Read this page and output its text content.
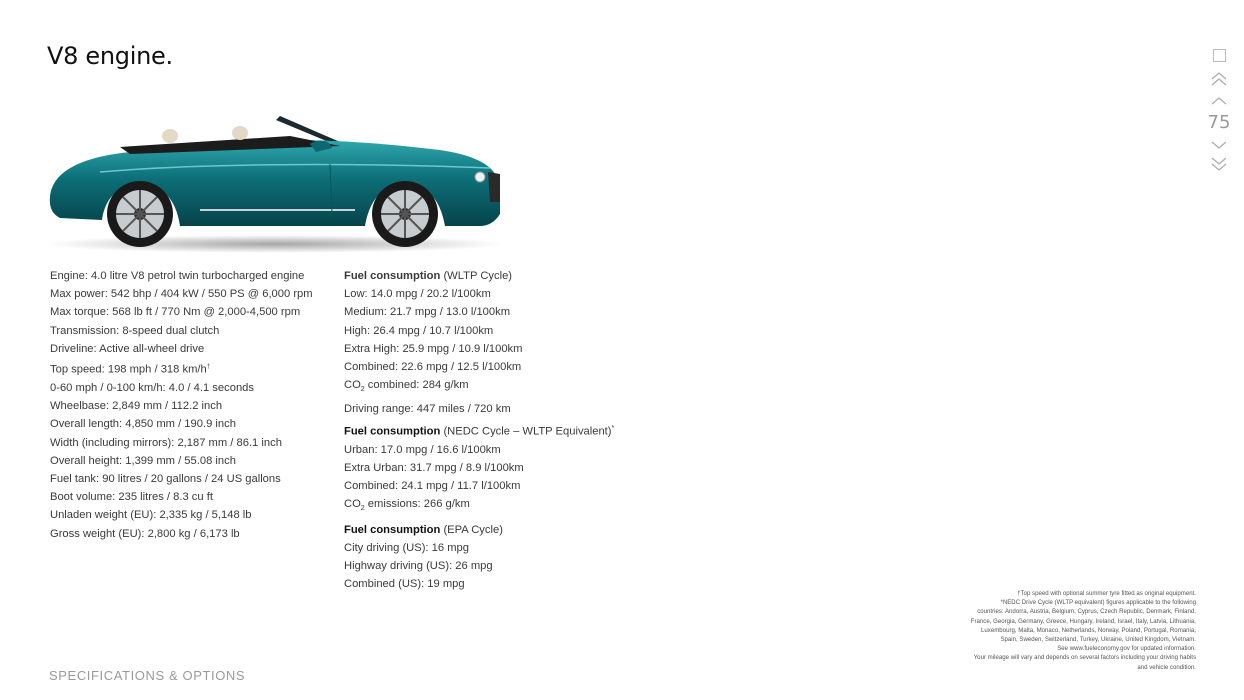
V8 engine.
Engine: 4.0 litre V8 petrol twin turbocharged engine
Max power: 542 bhp / 404 kW / 550 PS @ 6,000 rpm
Max torque: 568 lb ft / 770 Nm @ 2,000-4,500 rpm
Transmission: 8-speed dual clutch
Driveline: Active all-wheel drive
Top speed: 198 mph / 318 km/h†
0-60 mph / 0-100 km/h: 4.0 / 4.1 seconds
Wheelbase: 2,849 mm / 112.2 inch
Overall length: 4,850 mm / 190.9 inch
Width (including mirrors): 2,187 mm / 86.1 inch
Overall height: 1,399 mm / 55.08 inch
Fuel tank: 90 litres / 20 gallons / 24 US gallons
Boot volume: 235 litres / 8.3 cu ft
Unladen weight (EU): 2,335 kg / 5,148 lb
Gross weight (EU): 2,800 kg / 6,173 lb
Fuel consumption (WLTP Cycle)
Low: 14.0 mpg / 20.2 l/100km
Medium: 21.7 mpg / 13.0 l/100km
High: 26.4 mpg / 10.7 l/100km
Extra High: 25.9 mpg / 10.9 l/100km
Combined: 22.6 mpg / 12.5 l/100km
$CO_2$ combined: 284 g/km
Driving range: 447 miles / 720 km
Fuel consumption (NEDC Cycle – WLTP Equivalent)*
Urban: 17.0 mpg / 16.6 l/100km
Extra Urban: 31.7 mpg / 8.9 l/100km
Combined: 24.1 mpg / 11.7 l/100km
$CO_2$ emissions: 266 g/km
Fuel consumption (EPA Cycle)
City driving (US): 16 mpg
Highway driving (US): 26 mpg
Combined (US): 19 mpg
†Top speed with optional summer tyre fitted as original equipment.
*NEDC Drive Cycle (WLTP equivalent) figures applicable to the following
countries: Andorra, Austria, Belgium, Cyprus, Czech Republic, Denmark, Finland,
France, Georgia, Germany, Greece, Hungary, Ireland, Israel, Italy, Latvia, Lithuania,
Luxembourg, Malta, Monaco, Netherlands, Norway, Poland, Portugal, Romania,
Spain, Sweden, Switzerland, Turkey, Ukraine, United Kingdom, Vietnam.
See www.fueleconomy.gov for updated information.
Your mileage will vary and depends on several factors including your driving habits
and vehicle condition.
SPECIFICATIONS & OPTIONS
75
